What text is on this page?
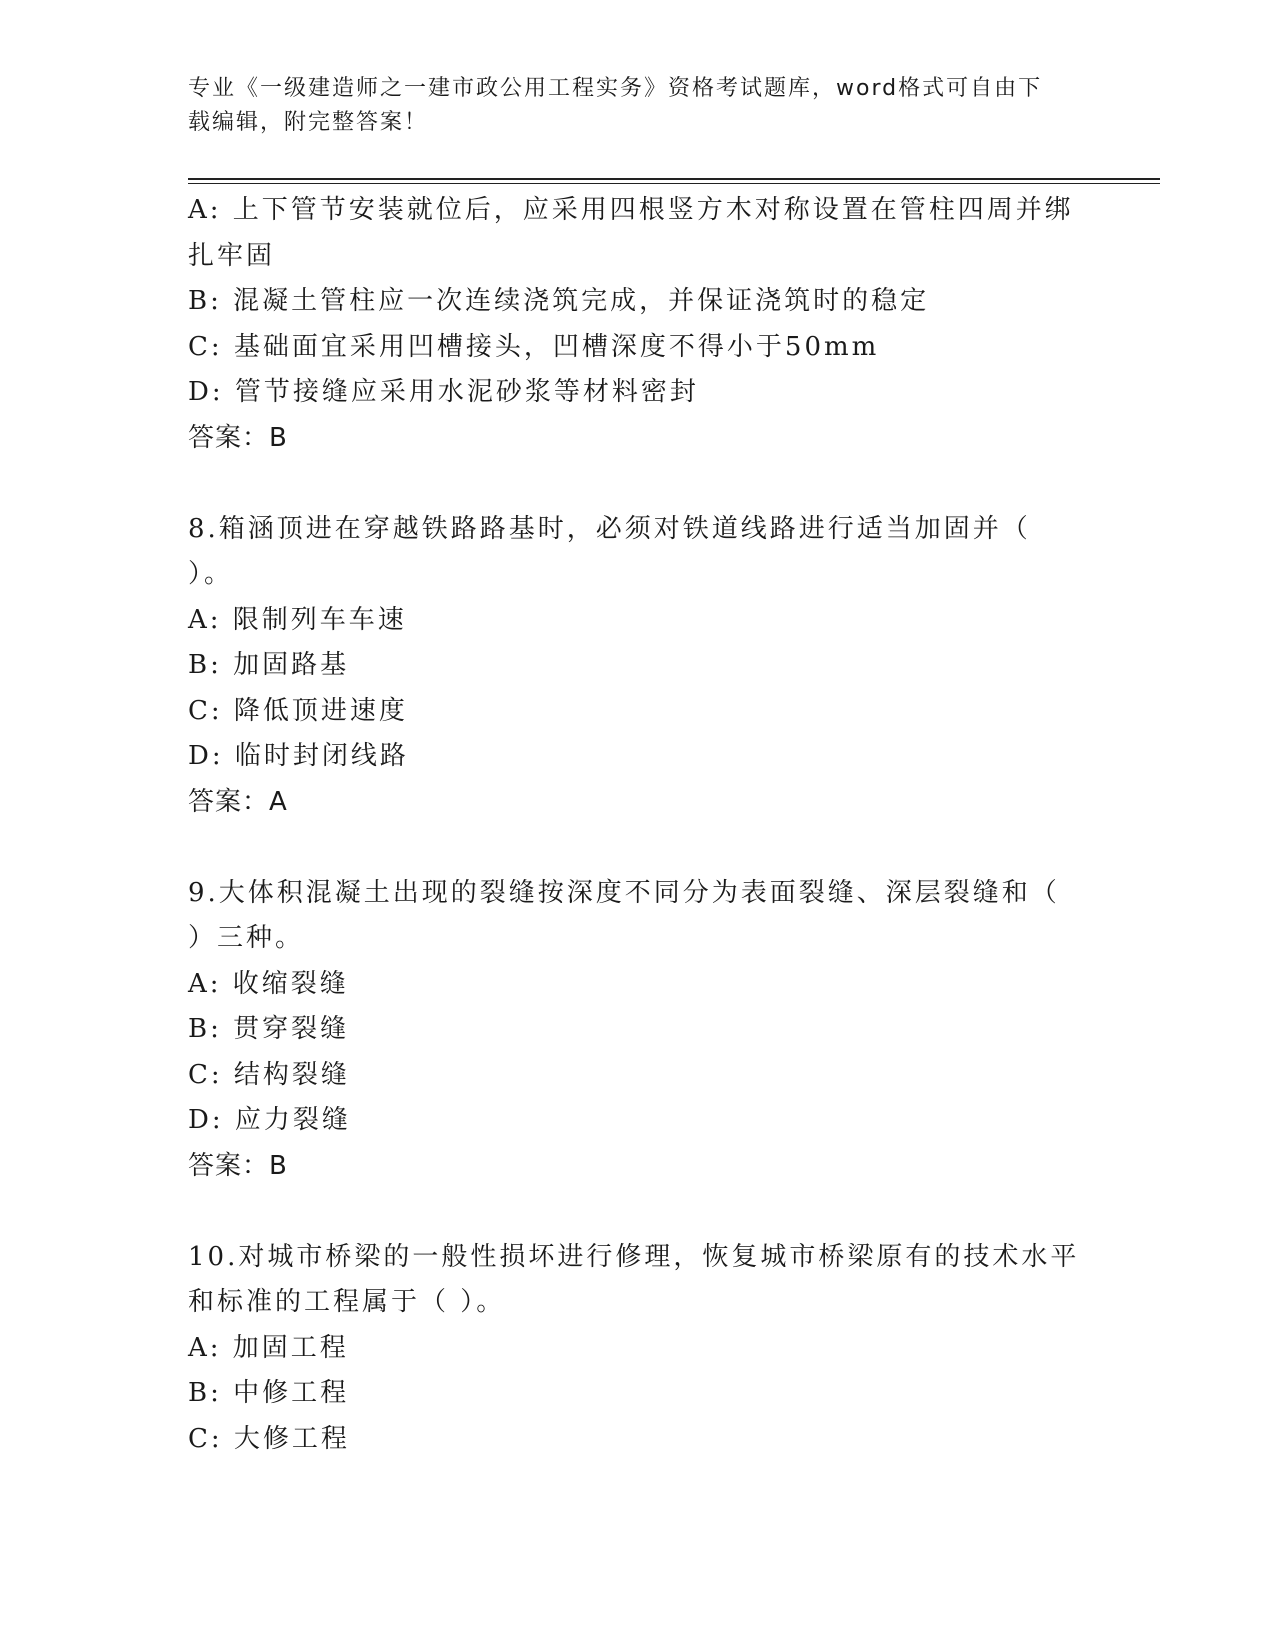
专业《一级建造师之一建市政公用工程实务》资格考试题库，word格式可自由下
载编辑，附完整答案！
A: 上下管节安装就位后，应采用四根竖方木对称设置在管柱四周并绑
扎牢固
B: 混凝土管柱应一次连续浇筑完成，并保证浇筑时的稳定
C: 基础面宜采用凹槽接头，凹槽深度不得小于50mm
D: 管节接缝应采用水泥砂浆等材料密封
答案：B
8.箱涵顶进在穿越铁路路基时，必须对铁道线路进行适当加固并（
）。
A: 限制列车车速
B: 加固路基
C: 降低顶进速度
D: 临时封闭线路
答案：A
9.大体积混凝土出现的裂缝按深度不同分为表面裂缝、深层裂缝和（
）三种。
A: 收缩裂缝
B: 贯穿裂缝
C: 结构裂缝
D: 应力裂缝
答案：B
10.对城市桥梁的一般性损坏进行修理，恢复城市桥梁原有的技术水平
和标准的工程属于（ ）。
A: 加固工程
B: 中修工程
C: 大修工程
